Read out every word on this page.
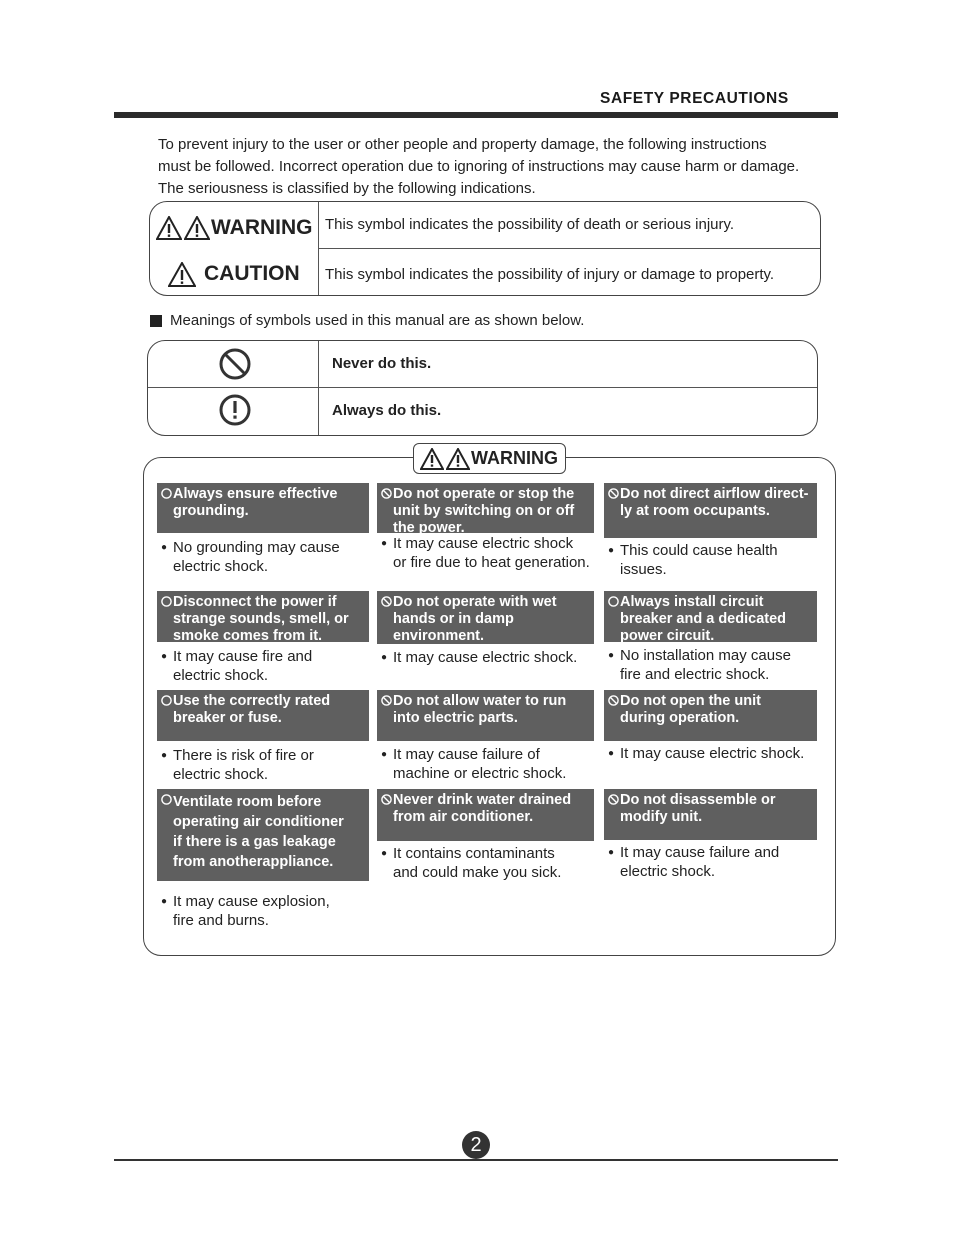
SAFETY PRECAUTIONS
To prevent injury to the user or other people and property damage, the following instructions
must be followed. Incorrect operation due to ignoring of instructions may cause harm or damage.
The seriousness is classified by the following indications.
WARNING This symbol indicates the possibility of death or serious injury.
CAUTION This symbol indicates the possibility of injury or damage to property.
Meanings of symbols used in this manual are as shown below.
Never do this.
Always do this.
WARNING
Always ensure effective
grounding.
● No grounding may cause
electric shock.
Do not operate or stop the
unit by switching on or off
the power.
● It may cause electric shock
or fire due to heat generation.
Do not direct airflow direct-
ly at room occupants.
● This could cause health
issues.
Disconnect the power if
strange sounds, smell, or
smoke comes from it.
● It may cause fire and
electric shock.
Do not operate with wet
hands or in damp
environment.
● It may cause electric shock.
Always install circuit
breaker and a dedicated
power circuit.
● No installation may cause
fire and electric shock.
Use the correctly rated
breaker or fuse.
● There is risk of fire or
electric shock.
Do not allow water to run
into electric parts.
● It may cause failure of
machine or electric shock.
Do not open the unit
during operation.
● It may cause electric shock.
Ventilate room before
operating air conditioner
if there is a gas leakage
from anotherappliance.
● It may cause explosion,
fire and burns.
Never drink water drained
from air conditioner.
● It contains contaminants
and could make you sick.
Do not disassemble or
modify unit.
● It may cause failure and
electric shock.
2
